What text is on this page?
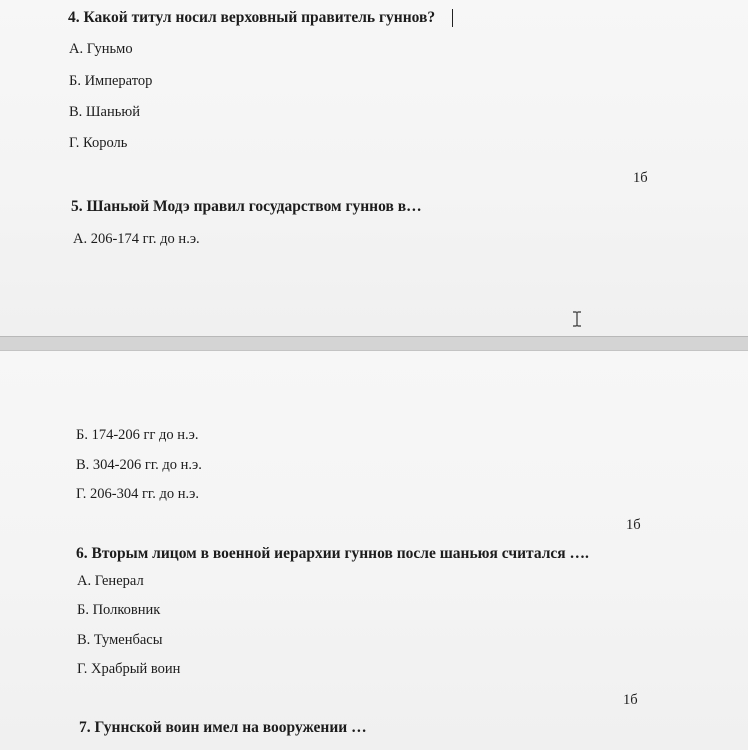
4. Какой титул носил верховный правитель гуннов?
А. Гуньмо
Б. Император
В. Шаньюй
Г. Король
1б
5. Шаньюй Модэ правил государством гуннов в…
А. 206-174 гг. до н.э.
Б. 174-206 гг до н.э.
В. 304-206 гг. до н.э.
Г. 206-304 гг. до н.э.
1б
6. Вторым лицом в военной иерархии гуннов после шаньюя считался ….
А. Генерал
Б. Полковник
В. Туменбасы
Г. Храбрый воин
1б
7. Гуннской воин имел на вооружении …
